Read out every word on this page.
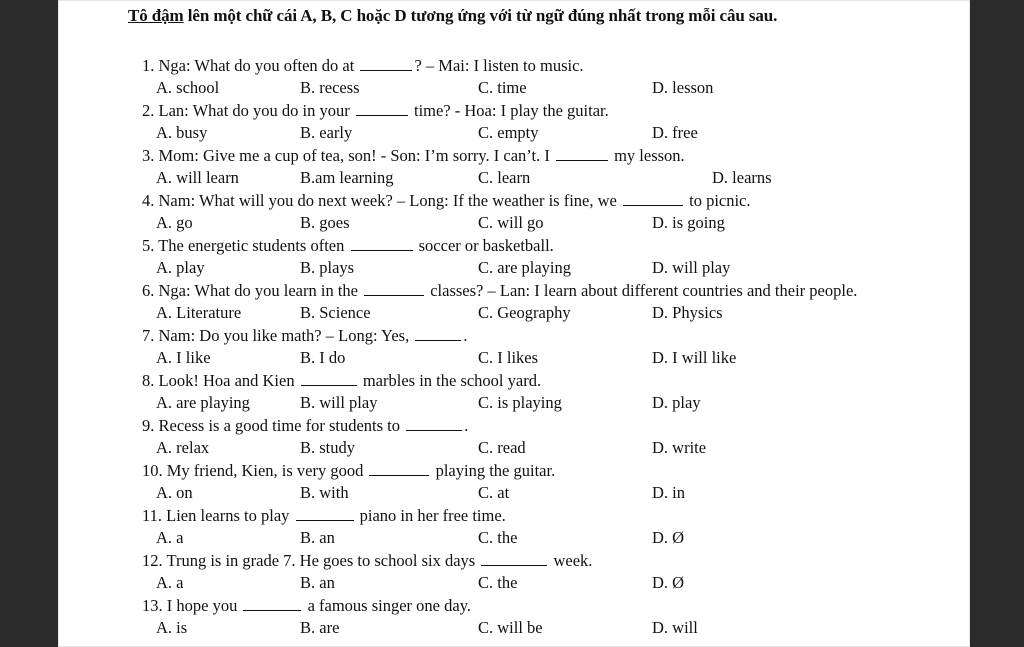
Tô đậm lên một chữ cái A, B, C hoặc D tương ứng với từ ngữ đúng nhất trong mỗi câu sau.
1. Nga: What do you often do at	? – Mai: I listen to music.
A. school	B. recess	C. time	D. lesson
2. Lan: What do you do in your	time? - Hoa: I play the guitar.
A. busy	B. early	C. empty	D. free
3. Mom: Give me a cup of tea, son! - Son: I’m sorry. I can’t. I	my lesson.
A. will learn	B.am learning	C. learn	D. learns
4. Nam: What will you do next week? – Long: If the weather is fine, we	to picnic.
A. go	B. goes	C. will go	D. is going
5. The energetic students often	soccer or basketball.
A. play	B. plays	C. are playing	D. will play
6. Nga: What do you learn in the	classes? – Lan: I learn about different countries and their people.
A. Literature	B. Science	C. Geography	D. Physics
7. Nam: Do you like math? – Long: Yes,	.
A. I like	B. I do	C. I likes	D. I will like
8. Look! Hoa and Kien	marbles in the school yard.
A. are playing	B. will play	C. is playing	D. play
9. Recess is a good time for students to	.
A. relax	B. study	C. read	D. write
10. My friend, Kien, is very good	playing the guitar.
A. on	B. with	C. at	D. in
11. Lien learns to play	piano in her free time.
A. a	B. an	C. the	D. Ø
12. Trung is in grade 7. He goes to school six days	week.
A. a	B. an	C. the	D. Ø
13. I hope you	a famous singer one day.
A. is	B. are	C. will be	D. will
